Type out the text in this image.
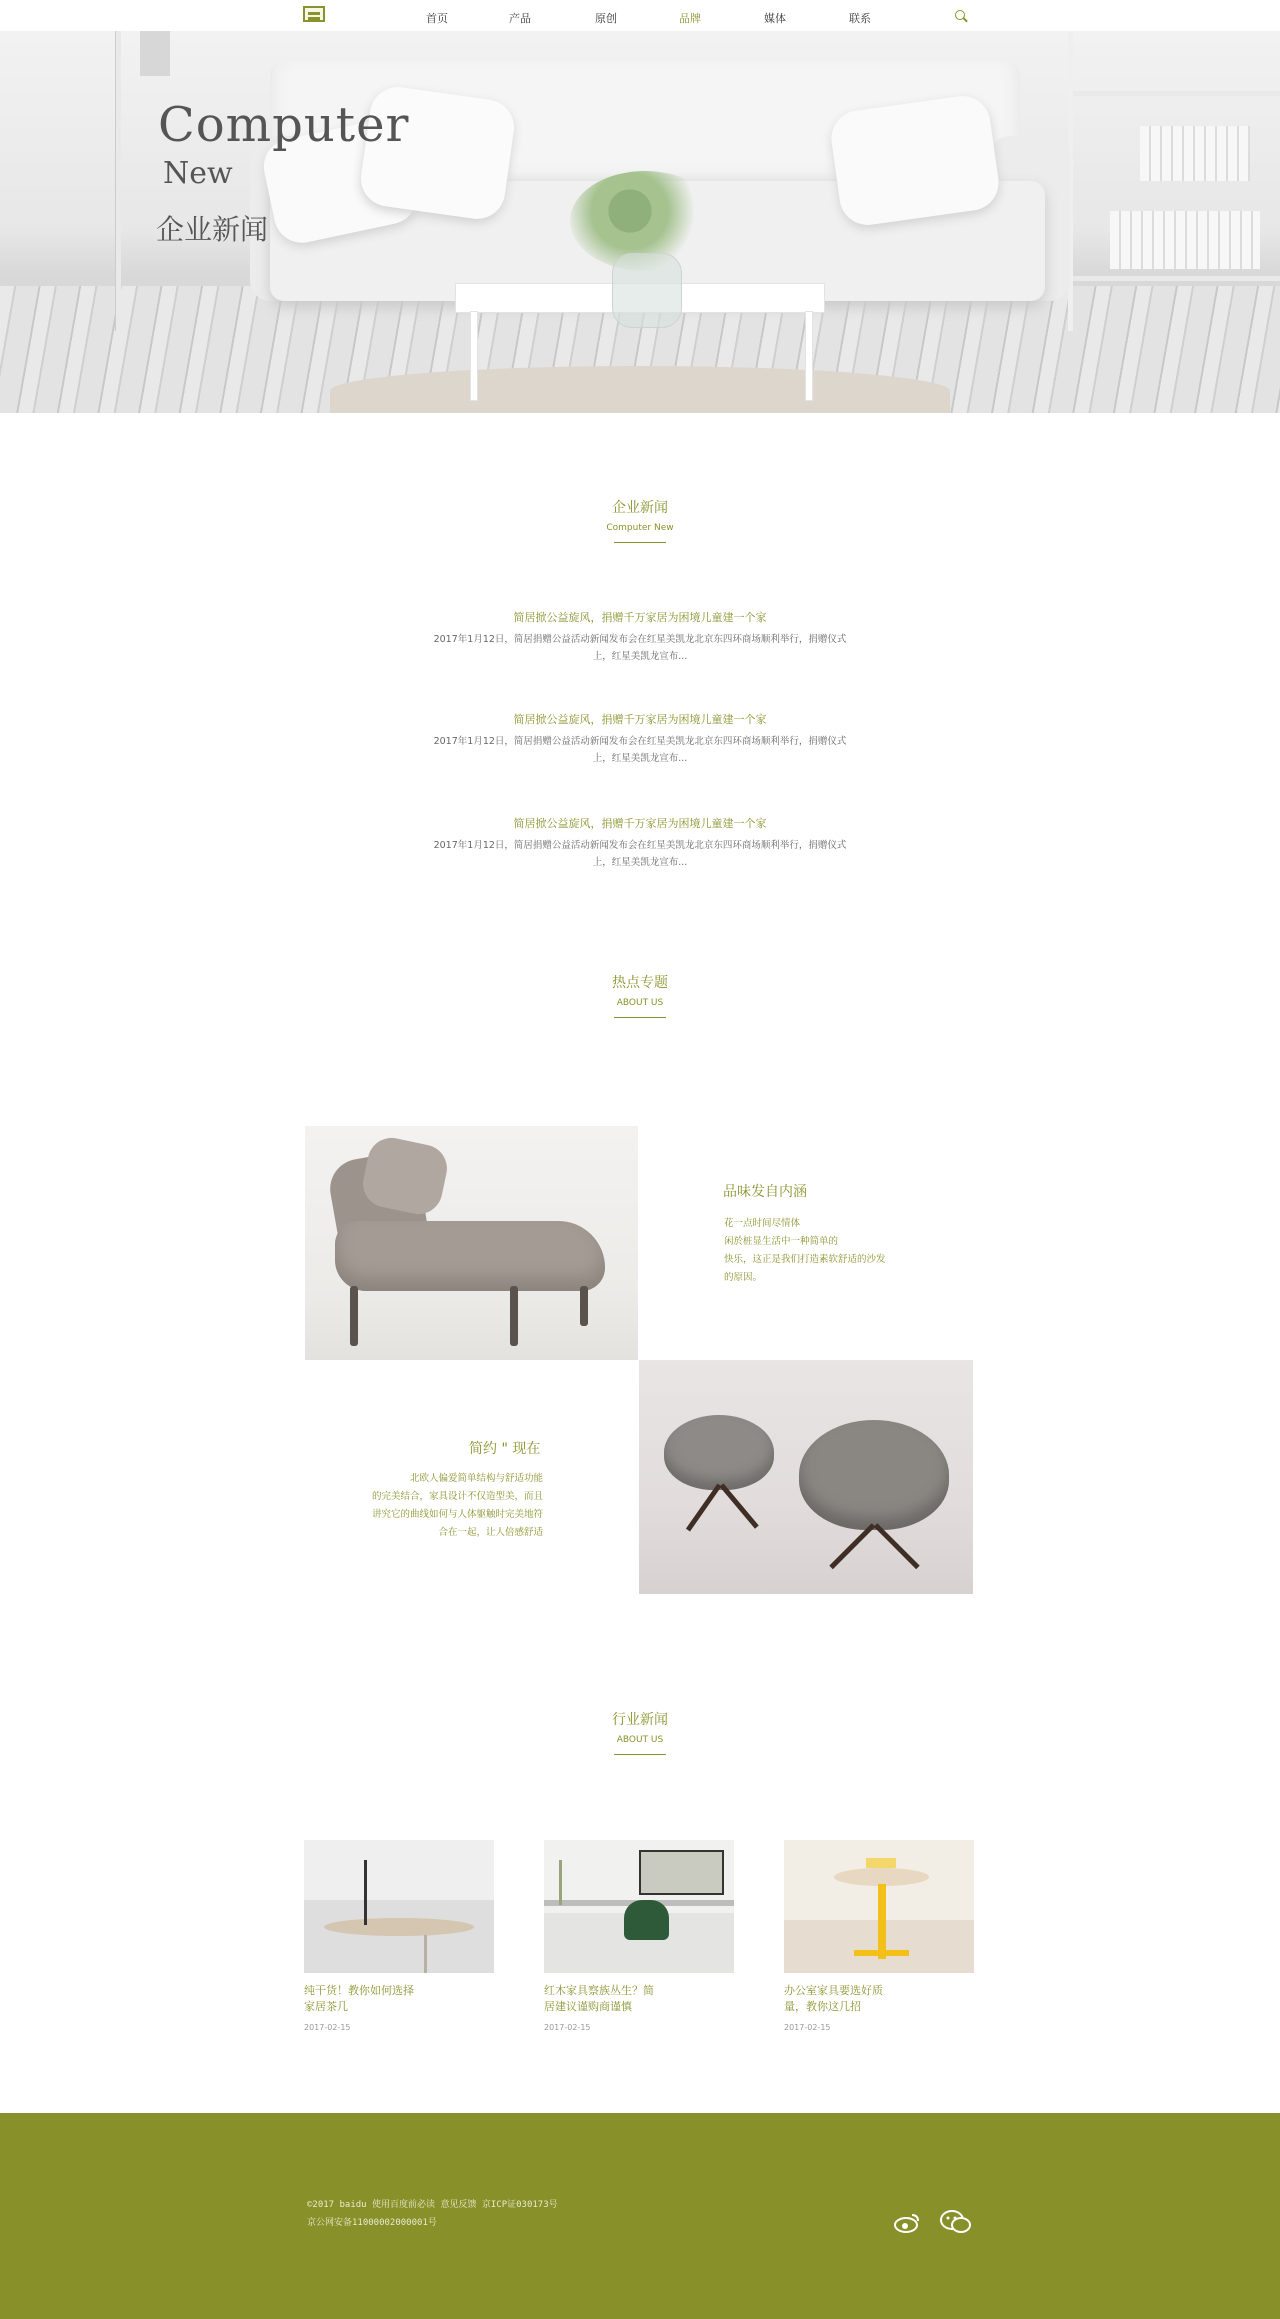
首页	产品	原创	品牌	媒体	联系
Computer
New
企业新闻
企业新闻
Computer New
简居掀公益旋风，捐赠千万家居为困境儿童建一个家
2017年1月12日，简居捐赠公益活动新闻发布会在红星美凯龙北京东四环商场顺利举行，捐赠仪式
上，红星美凯龙宣布...
简居掀公益旋风，捐赠千万家居为困境儿童建一个家
2017年1月12日，简居捐赠公益活动新闻发布会在红星美凯龙北京东四环商场顺利举行，捐赠仪式
上，红星美凯龙宣布...
简居掀公益旋风，捐赠千万家居为困境儿童建一个家
2017年1月12日，简居捐赠公益活动新闻发布会在红星美凯龙北京东四环商场顺利举行，捐赠仪式
上，红星美凯龙宣布...
热点专题
ABOUT US
品味发自内涵
花一点时间尽情体
闲於桩显生活中一种简单的
快乐，这正是我们打造素软舒适的沙发
的原因。
简约 " 现在
北欧人偏爱简单结构与舒适功能
的完美结合，家具设计不仅造型美，而且
讲究它的曲线如何与人体躯触时完美地符
合在一起，让人倍感舒适
行业新闻
ABOUT US
纯干货！教你如何选择家居茶几
2017-02-15
红木家具察族丛生？简居建议谨购商谨慎
2017-02-15
办公室家具要选好质量，教你这几招
2017-02-15
©2017 baidu 使用百度前必读 意见反馈 京ICP证030173号
京公网安备11000002000001号
